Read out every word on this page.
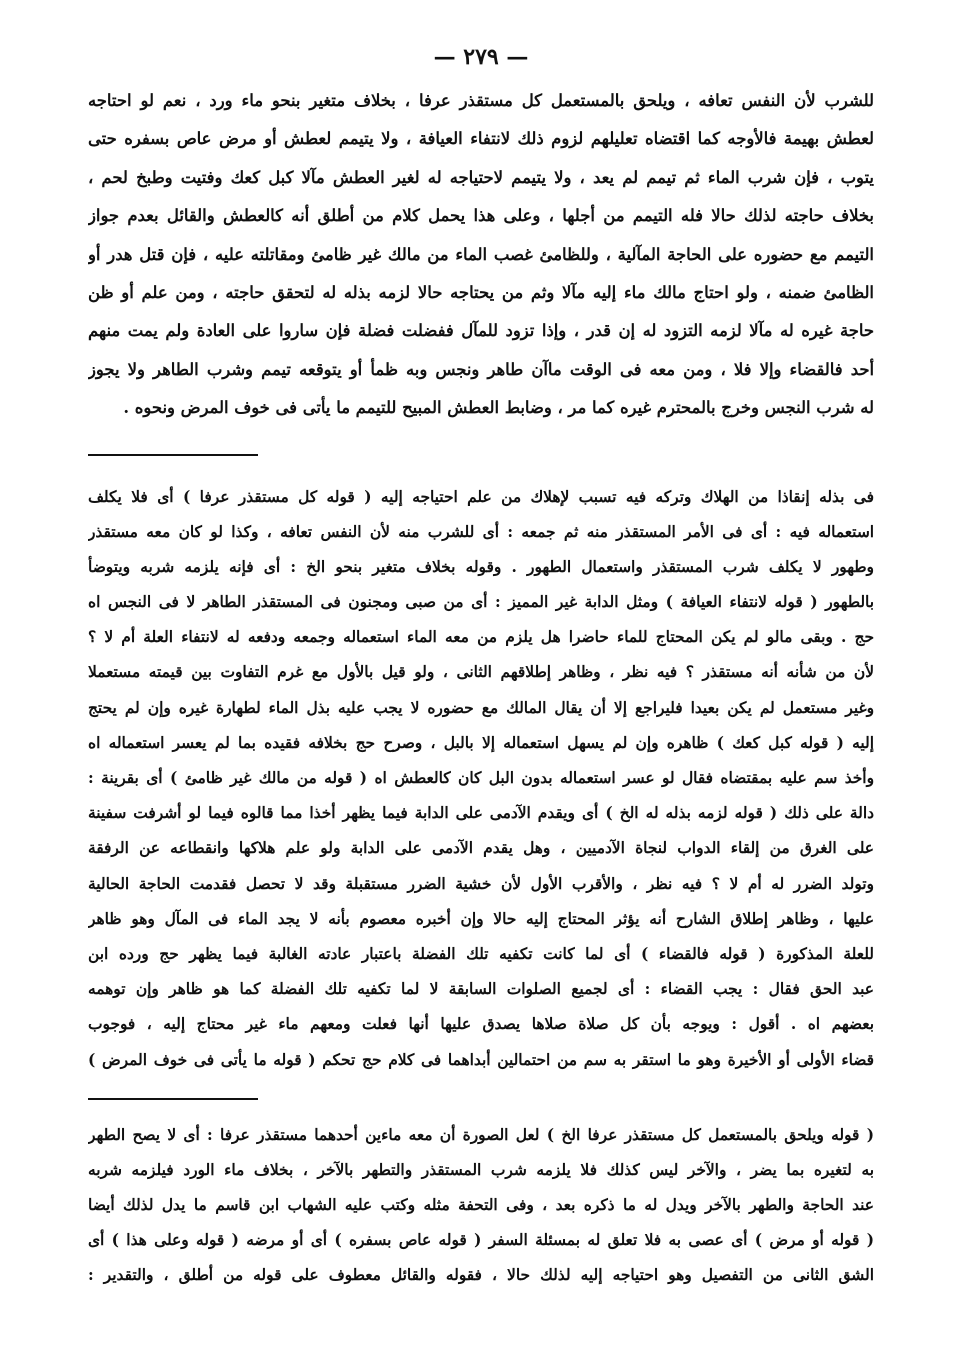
— ٢٧٩ —
للشرب لأن النفس تعافه ، ويلحق بالمستعمل كل مستقذر عرفا ، بخلاف متغير بنحو ماء ورد ، نعم لو احتاجه
لعطش بهيمة فالأوجه كما اقتضاه تعليلهم لزوم ذلك لانتفاء العيافة ، ولا يتيمم لعطش أو مرض عاص بسفره حتى
يتوب ، فإن شرب الماء ثم تيمم لم يعد ، ولا يتيمم لاحتياجه له لغير العطش مآلا كبل كعك وفتيت وطبخ لحم ،
بخلاف حاجته لذلك حالا فله التيمم من أجلها ، وعلى هذا يحمل كلام من أطلق أنه كالعطش والقائل بعدم جواز
التيمم مع حضوره على الحاجة المآلية ، وللظامئ غصب الماء من مالك غير ظامئ ومقاتلته عليه ، فإن قتل هدر أو
الظامئ ضمنه ، ولو احتاج مالك ماء إليه مآلا وثم من يحتاجه حالا لزمه بذله له لتحقق حاجته ، ومن علم أو ظن
حاجة غيره له مآلا لزمه التزود له إن قدر ، وإذا تزود للمآل ففضلت فضلة فإن ساروا على العادة ولم يمت منهم
أحد فالقضاء وإلا فلا ، ومن معه فى الوقت ماآن طاهر ونجس وبه ظمأ أو يتوقعه تيمم وشرب الطاهر ولا يجوز
له شرب النجس وخرج بالمحترم غيره كما مر ، وضابط العطش المبيح للتيمم ما يأتى فى خوف المرض ونحوه .
فى بذله إنقاذا من الهلاك وتركه فيه تسبب لإهلاك من علم احتياجه إليه ( قوله كل مستقذر عرفا ) أى فلا يكلف
استعماله فيه : أى فى الأمر المستقذر منه ثم جمعه : أى للشرب منه لأن النفس تعافه ، وكذا لو كان معه مستقذر
وطهور لا يكلف شرب المستقذر واستعمال الطهور . وقوله بخلاف متغير بنحو الخ : أى فإنه يلزمه شربه ويتوضأ
بالطهور ( قوله لانتفاء العيافة ) ومثل الدابة غير المميز : أى من صبى ومجنون فى المستقذر الطاهر لا فى النجس اه
حج . وبقى مالو لم يكن المحتاج للماء حاضرا هل يلزم من معه الماء استعماله وجمعه ودفعه له لانتفاء العلة أم لا ؟
لأن من شأنه أنه مستقذر ؟ فيه نظر ، وظاهر إطلاقهم الثانى ، ولو قيل بالأول مع غرم التفاوت بين قيمته مستعملا
وغير مستعمل لم يكن بعيدا فليراجع إلا أن يقال المالك مع حضوره لا يجب عليه بذل الماء لطهارة غيره وإن لم يحتج
إليه ( قوله كبل كعك ) ظاهره وإن لم يسهل استعماله إلا بالبل ، وصرح حج بخلافه فقيده بما لم يعسر استعماله اه
وأخذ سم عليه بمقتضاه فقال لو عسر استعماله بدون البل كان كالعطش اه ( قوله من مالك غير ظامئ ) أى بقرينة :
دالة على ذلك ( قوله لزمه بذله له الخ ) أى ويقدم الآدمى على الدابة فيما يظهر أخذا مما قالوه فيما لو أشرفت سفينة
على الغرق من إلقاء الدواب لنجاة الآدميين ، وهل يقدم الآدمى على الدابة ولو علم هلاكها وانقطاعه عن الرفقة
وتولد الضرر له أم لا ؟ فيه نظر ، والأقرب الأول لأن خشية الضرر مستقبلة وقد لا تحصل فقدمت الحاجة الحالية
عليها ، وظاهر إطلاق الشارح أنه يؤثر المحتاج إليه حالا وإن أخبره معصوم بأنه لا يجد الماء فى المآل وهو ظاهر
للعلة المذكورة ( قوله فالقضاء ) أى لما كانت تكفيه تلك الفضلة باعتبار عادته الغالبة فيما يظهر حج ورده ابن
عبد الحق فقال : يجب القضاء : أى لجميع الصلوات السابقة لا لما تكفيه تلك الفضلة كما هو ظاهر وإن توهمه
بعضهم اه . أقول : ويوجه بأن كل صلاة صلاها يصدق عليها أنها فعلت ومعهم ماء غير محتاج إليه ، فوجوب
قضاء الأولى أو الأخيرة وهو ما استقر به سم من احتمالين أبداهما فى كلام حج تحكم ( قوله ما يأتى فى خوف المرض )
( قوله ويلحق بالمستعمل كل مستقذر عرفا الخ ) لعل الصورة أن معه ماءين أحدهما مستقذر عرفا : أى لا يصح الطهر
به لتغيره بما يضر ، والآخر ليس كذلك فلا يلزمه شرب المستقذر والتطهر بالآخر ، بخلاف ماء الورد فيلزمه شربه
عند الحاجة والطهر بالآخر ويدل له ما ذكره بعد ، وفى التحفة مثله وكتب عليه الشهاب ابن قاسم ما يدل لذلك أيضا
( قوله أو مرض ) أى عصى به فلا تعلق له بمسئلة السفر ( قوله عاص بسفره ) أى أو مرضه ( قوله وعلى هذا ) أى
الشق الثانى من التفصيل وهو احتياجه إليه لذلك حالا ، فقوله والقائل معطوف على قوله من أطلق ، والتقدير :
